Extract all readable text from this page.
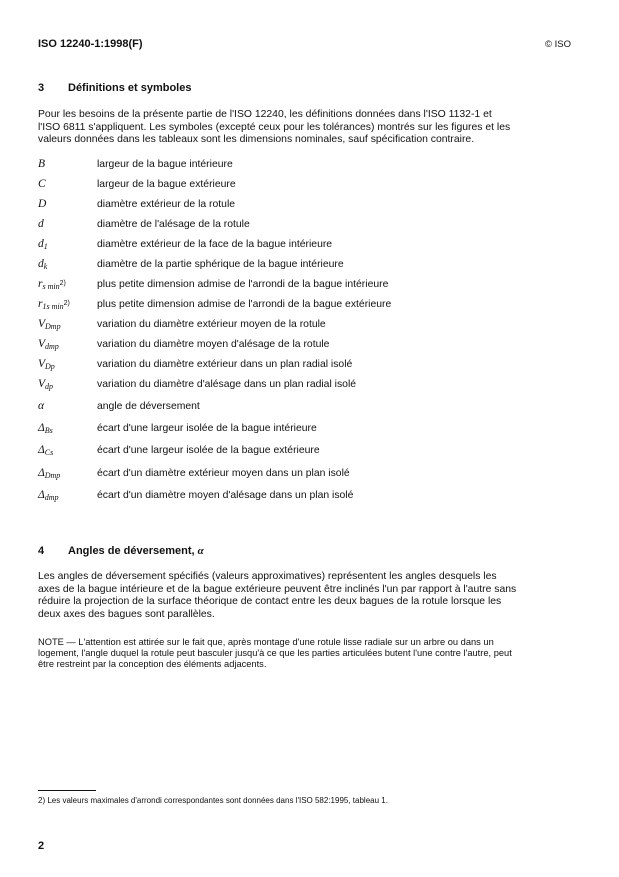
ISO 12240-1:1998(F)	© ISO
3 Définitions et symboles
Pour les besoins de la présente partie de l'ISO 12240, les définitions données dans l'ISO 1132-1 et
l'ISO 6811 s'appliquent. Les symboles (excepté ceux pour les tolérances) montrés sur les figures et les
valeurs données dans les tableaux sont les dimensions nominales, sauf spécification contraire.
B	largeur de la bague intérieure
C	largeur de la bague extérieure
D	diamètre extérieur de la rotule
d	diamètre de l'alésage de la rotule
$d_1$	diamètre extérieur de la face de la bague intérieure
$d_k$	diamètre de la partie sphérique de la bague intérieure
$r_{s min}^{2)}$	plus petite dimension admise de l'arrondi de la bague intérieure
$r_{1s min}^{2)}$	plus petite dimension admise de l'arrondi de la bague extérieure
$V_{Dmp}$	variation du diamètre extérieur moyen de la rotule
$V_{dmp}$	variation du diamètre moyen d'alésage de la rotule
$V_{Dp}$	variation du diamètre extérieur dans un plan radial isolé
$V_{dp}$	variation du diamètre d'alésage dans un plan radial isolé
α	angle de déversement
$\Delta_{Bs}$	écart d'une largeur isolée de la bague intérieure
$\Delta_{Cs}$	écart d'une largeur isolée de la bague extérieure
$\Delta_{Dmp}$	écart d'un diamètre extérieur moyen dans un plan isolé
$\Delta_{dmp}$	écart d'un diamètre moyen d'alésage dans un plan isolé
4 Angles de déversement, α
Les angles de déversement spécifiés (valeurs approximatives) représentent les angles desquels les
axes de la bague intérieure et de la bague extérieure peuvent être inclinés l'un par rapport à l'autre sans
réduire la projection de la surface théorique de contact entre les deux bagues de la rotule lorsque les
deux axes des bagues sont parallèles.
NOTE — L'attention est attirée sur le fait que, après montage d'une rotule lisse radiale sur un arbre ou dans un
logement, l'angle duquel la rotule peut basculer jusqu'à ce que les parties articulées butent l'une contre l'autre, peut
être restreint par la conception des éléments adjacents.
2) Les valeurs maximales d'arrondi correspondantes sont données dans l'ISO 582:1995, tableau 1.
2
